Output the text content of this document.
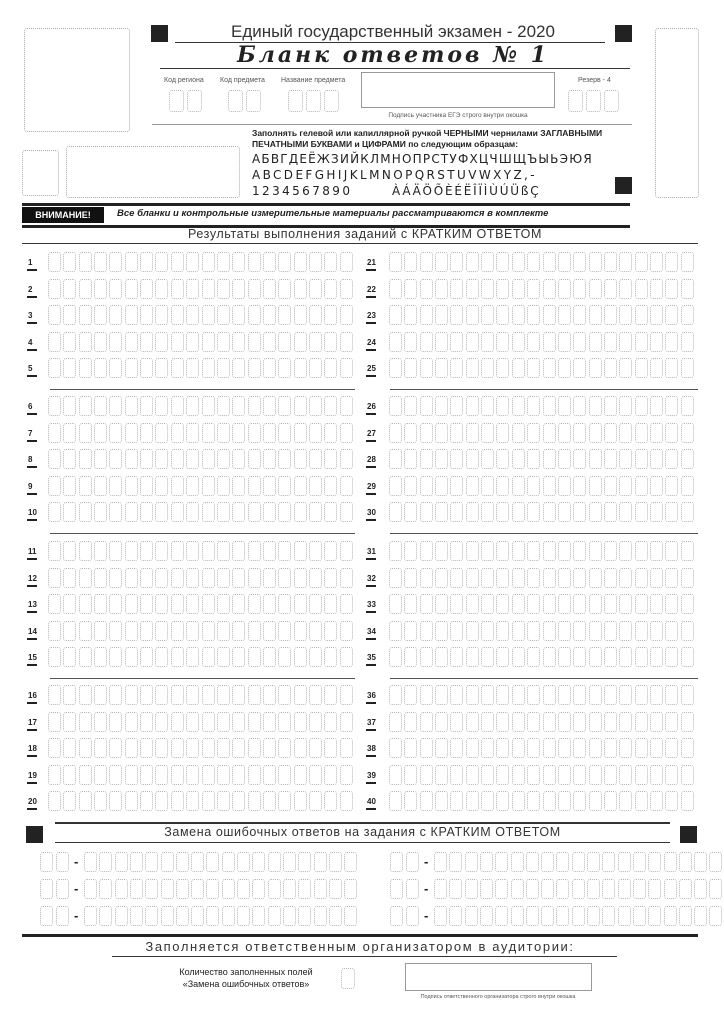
Единый государственный экзамен - 2020
Бланк ответов № 1
Код региона Код предмета Название предмета	Резерв - 4
Подпись участника ЕГЭ строго внутри окошка
Заполнять гелевой или капиллярной ручкой ЧЕРНЫМИ чернилами ЗАГЛАВНЫМИ
ПЕЧАТНЫМИ БУКВАМИ и ЦИФРАМИ по следующим образцам:
АБВГДЕЁЖЗИЙКЛМНОПРСТУФХЦЧШЩЪЫЬЭЮЯ
ABCDEFGHIJKLMNOPQRSTUVWXYZ,-
1234567890	ÀÁÄÖÕÈÉËÎÏÌÙÚÜßÇ
ВНИМАНИЕ!	Все бланки и контрольные измерительные материалы рассматриваются в комплекте
Результаты выполнения заданий с КРАТКИМ ОТВЕТОМ
1	21
2	22
3	23
4	24
5	25
6	26
7	27
8	28
9	29
10	30
11	31
12	32
13	33
14	34
15	35
16	36
17	37
18	38
19	39
20	40
Замена ошибочных ответов на задания с КРАТКИМ ОТВЕТОМ
-	-
-	-
-	-
Заполняется ответственным организатором в аудитории:
Количество заполненных полей
«Замена ошибочных ответов»
Подпись ответственного организатора строго внутри окошка
